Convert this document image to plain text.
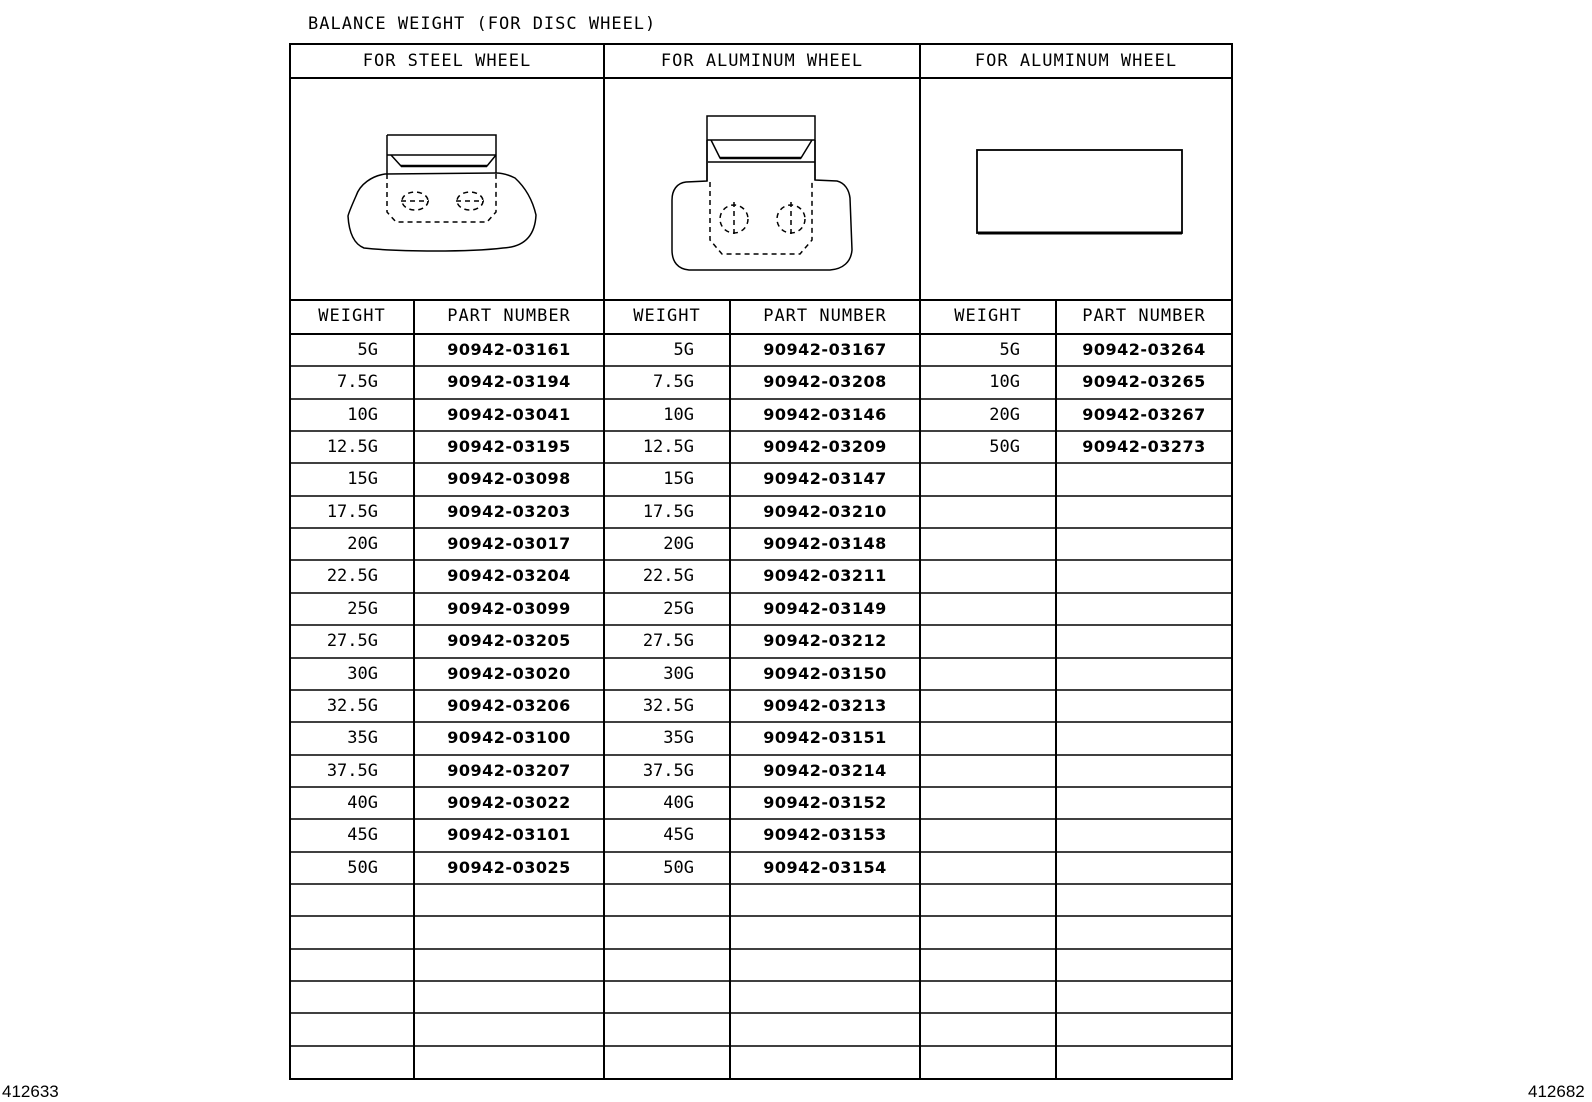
BALANCE WEIGHT (FOR DISC WHEEL)
FOR STEEL WHEEL
WEIGHT	PART NUMBER
5G	90942-03161
7.5G	90942-03194
10G	90942-03041
12.5G	90942-03195
15G	90942-03098
17.5G	90942-03203
20G	90942-03017
22.5G	90942-03204
25G	90942-03099
27.5G	90942-03205
30G	90942-03020
32.5G	90942-03206
35G	90942-03100
37.5G	90942-03207
40G	90942-03022
45G	90942-03101
50G	90942-03025
FOR ALUMINUM WHEEL
WEIGHT	PART NUMBER
5G	90942-03167
7.5G	90942-03208
10G	90942-03146
12.5G	90942-03209
15G	90942-03147
17.5G	90942-03210
20G	90942-03148
22.5G	90942-03211
25G	90942-03149
27.5G	90942-03212
30G	90942-03150
32.5G	90942-03213
35G	90942-03151
37.5G	90942-03214
40G	90942-03152
45G	90942-03153
50G	90942-03154
FOR ALUMINUM WHEEL
WEIGHT	PART NUMBER
5G	90942-03264
10G	90942-03265
20G	90942-03267
50G	90942-03273
412633	412682
